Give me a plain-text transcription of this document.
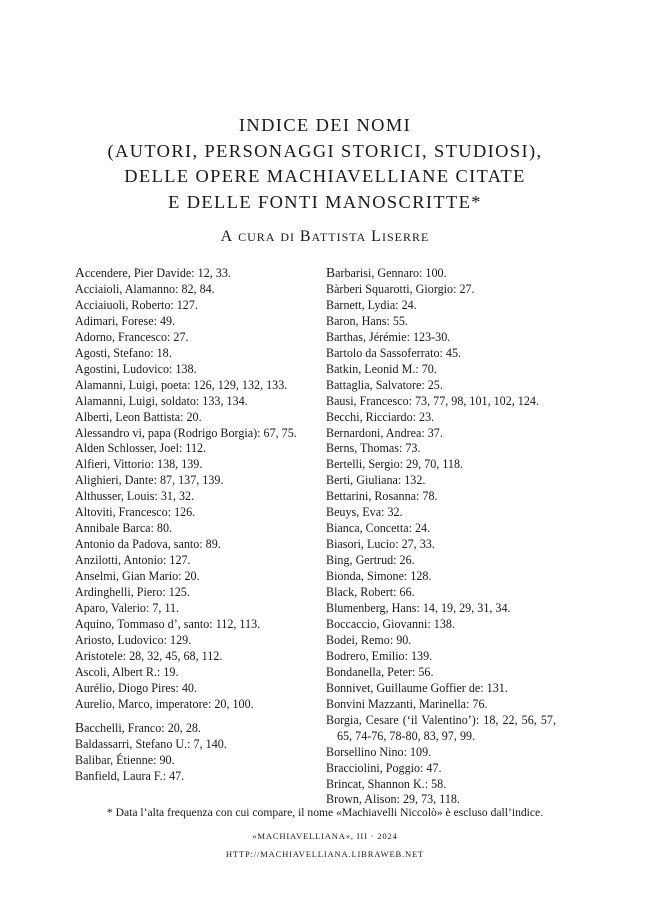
INDICE DEI NOMI
(AUTORI, PERSONAGGI STORICI, STUDIOSI),
DELLE OPERE MACHIAVELLIANE CITATE
E DELLE FONTI MANOSCRITTE*
A CURA DI BATTISTA LISERRE
Accendere, Pier Davide: 12, 33.
Acciaioli, Alamanno: 82, 84.
Acciaiuoli, Roberto: 127.
Adimari, Forese: 49.
Adorno, Francesco: 27.
Agosti, Stefano: 18.
Agostini, Ludovico: 138.
Alamanni, Luigi, poeta: 126, 129, 132, 133.
Alamanni, Luigi, soldato: 133, 134.
Alberti, Leon Battista: 20.
Alessandro vi, papa (Rodrigo Borgia): 67, 75.
Alden Schlosser, Joel: 112.
Alfieri, Vittorio: 138, 139.
Alighieri, Dante: 87, 137, 139.
Althusser, Louis: 31, 32.
Altoviti, Francesco: 126.
Annibale Barca: 80.
Antonio da Padova, santo: 89.
Anzilotti, Antonio: 127.
Anselmi, Gian Mario: 20.
Ardinghelli, Piero: 125.
Aparo, Valerio: 7, 11.
Aquino, Tommaso d’, santo: 112, 113.
Ariosto, Ludovico: 129.
Aristotele: 28, 32, 45, 68, 112.
Ascoli, Albert R.: 19.
Aurélio, Diogo Pires: 40.
Aurelio, Marco, imperatore: 20, 100.
Bacchelli, Franco: 20, 28.
Baldassarri, Stefano U.: 7, 140.
Balibar, Étienne: 90.
Banfield, Laura F.: 47.
Barbarisi, Gennaro: 100.
Bàrberi Squarotti, Giorgio: 27.
Barnett, Lydia: 24.
Baron, Hans: 55.
Barthas, Jérémie: 123-30.
Bartolo da Sassoferrato: 45.
Batkin, Leonid M.: 70.
Battaglia, Salvatore: 25.
Bausi, Francesco: 73, 77, 98, 101, 102, 124.
Becchi, Ricciardo: 23.
Bernardoni, Andrea: 37.
Berns, Thomas: 73.
Bertelli, Sergio: 29, 70, 118.
Berti, Giuliana: 132.
Bettarini, Rosanna: 78.
Beuys, Eva: 32.
Bianca, Concetta: 24.
Biasori, Lucio: 27, 33.
Bing, Gertrud: 26.
Bionda, Simone: 128.
Black, Robert: 66.
Blumenberg, Hans: 14, 19, 29, 31, 34.
Boccaccio, Giovanni: 138.
Bodei, Remo: 90.
Bodrero, Emilio: 139.
Bondanella, Peter: 56.
Bonnivet, Guillaume Goffier de: 131.
Bonvini Mazzanti, Marinella: 76.
Borgia, Cesare (‘il Valentino’): 18, 22, 56, 57, 65, 74-76, 78-80, 83, 97, 99.
Borsellino Nino: 109.
Bracciolini, Poggio: 47.
Brincat, Shannon K.: 58.
Brown, Alison: 29, 73, 118.
* Data l’alta frequenza con cui compare, il nome «Machiavelli Niccolò» è escluso dall’indice.
«MACHIAVELLIANA», III · 2024
HTTP://MACHIAVELLIANA.LIBRAWEB.NET
